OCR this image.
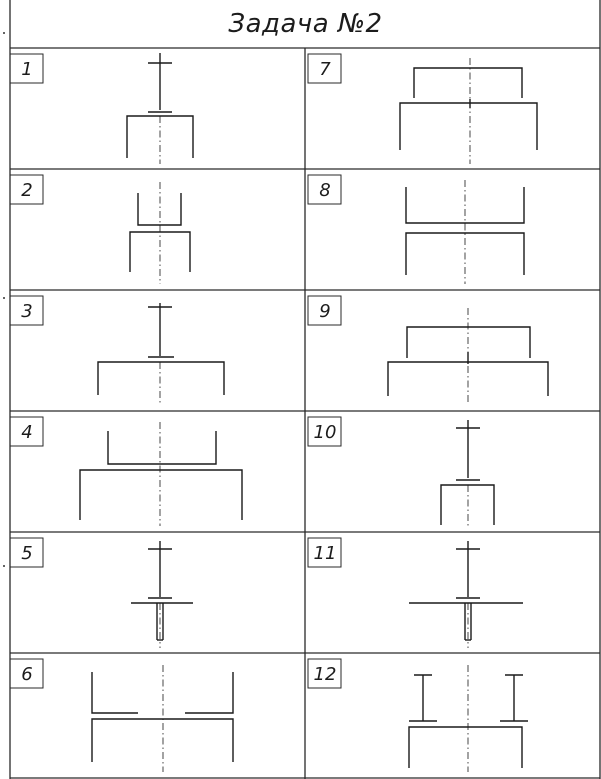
Задача №2
1	7
2	8
3	9
4	10
5	11
6	12
